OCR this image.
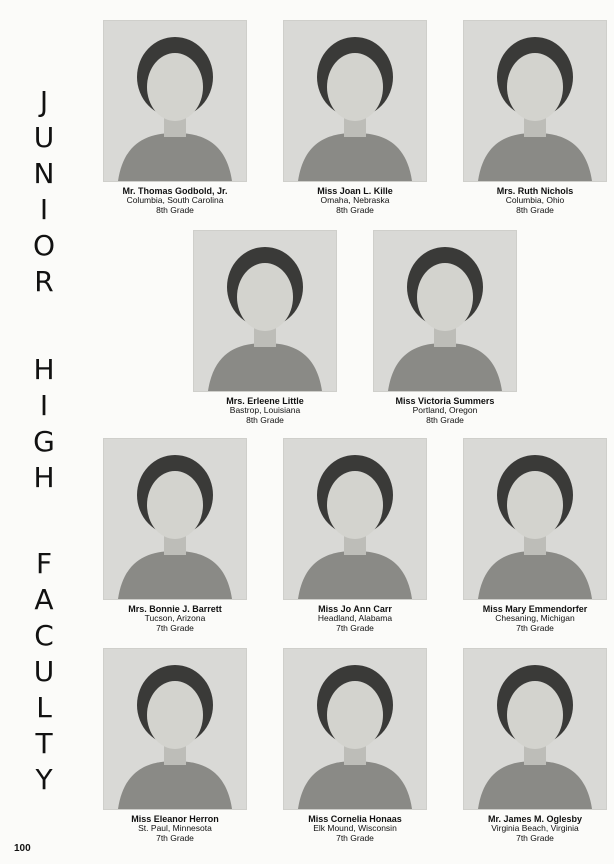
J
U
N
I
O
R
H
I
G
H
F
A
C
U
L
T
Y
Mr. Thomas Godbold, Jr.
Columbia, South Carolina
8th Grade
Miss Joan L. Kille
Omaha, Nebraska
8th Grade
Mrs. Ruth Nichols
Columbia, Ohio
8th Grade
Mrs. Erleene Little
Bastrop, Louisiana
8th Grade
Miss Victoria Summers
Portland, Oregon
8th Grade
Mrs. Bonnie J. Barrett
Tucson, Arizona
7th Grade
Miss Jo Ann Carr
Headland, Alabama
7th Grade
Miss Mary Emmendorfer
Chesaning, Michigan
7th Grade
Miss Eleanor Herron
St. Paul, Minnesota
7th Grade
Miss Cornelia Honaas
Elk Mound, Wisconsin
7th Grade
Mr. James M. Oglesby
Virginia Beach, Virginia
7th Grade
100
